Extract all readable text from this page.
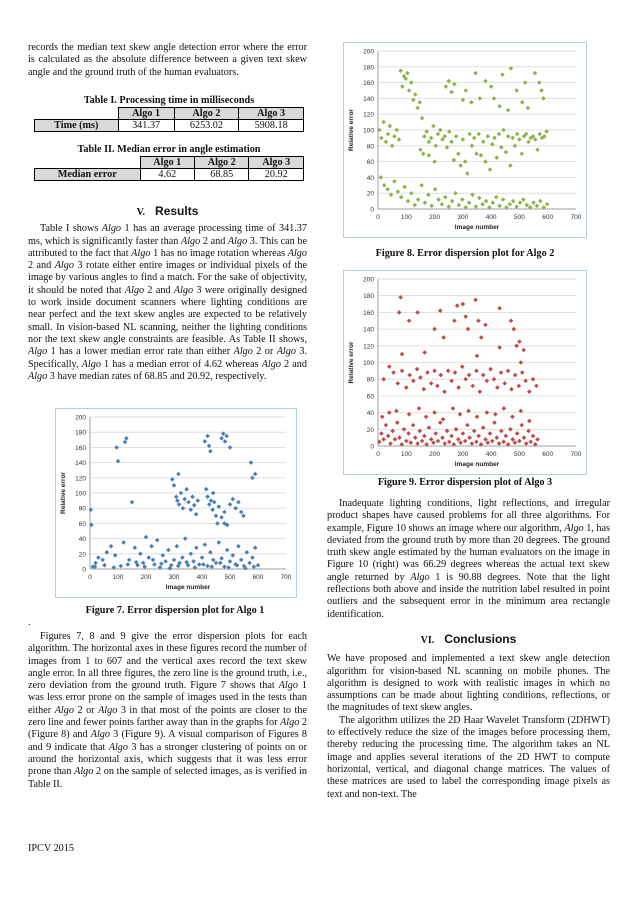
records the median text skew angle detection error where the error is calculated as the absolute difference between a given text skew angle and the ground truth of the human evaluators.

Table I. Processing time in milliseconds

	Algo 1	Algo 2	Algo 3
Time (ms)	341.37	6253.02	5908.18

Table II. Median error in angle estimation

	Algo 1	Algo 2	Algo 3
Median error	4.62	68.85	20.92
V. Results

Table I shows Algo 1 has an average processing time of 341.37 ms, which is significantly faster than Algo 2 and Algo 3. This can be attributed to the fact that Algo 1 has no image rotation whereas Algo 2 and Algo 3 rotate either entire images or individual pixels of the image by various angles to find a match. For the sake of objectivity, it should be noted that Algo 2 and Algo 3 were originally designed to work inside document scanners where lighting conditions are near perfect and the text skew angles are expected to be relatively small. In vision-based NL scanning, neither the lighting conditions nor the text skew angle constraints are feasible. As Table II shows, Algo 1 has a lower median error rate than either Algo 2 or Algo 3. Specifically, Algo 1 has a median error of 4.62 whereas Algo 2 and Algo 3 have median rates of 68.85 and 20.92, respectively.

0
20
40
60
80
100
120
140
160
180
200
0	100	200	300	400	500	600	700
Image number
Relative error
Figure 7. Error dispersion plot for Algo 1
.

Figures 7, 8 and 9 give the error dispersion plots for each algorithm. The horizontal axes in these figures record the number of images from 1 to 607 and the vertical axes record the text skew angle error. In all three figures, the zero line is the ground truth, i.e., zero deviation from the ground truth. Figure 7 shows that Algo 1 was less error prone on the sample of images used in the tests than either Algo 2 or Algo 3 in that most of the points are closer to the zero line and fewer points farther away than in the graphs for Algo 2 (Figure 8) and Algo 3 (Figure 9). A visual comparison of Figures 8 and 9 indicate that Algo 3 has a stronger clustering of points on or around the horizontal axis, which suggests that it was less error prone than Algo 2 on the sample of selected images, as is verified in Table II.

0
20
40
60
80
100
120
140
160
180
200
0	100	200	300	400	500	600	700
Image number
Relative error
Figure 8. Error dispersion plot for Algo 2
0
20
40
60
80
100
120
140
160
180
200
0	100	200	300	400	500	600	700
Image number
Relative error
Figure 9. Error dispersion plot of Algo 3

Inadequate lighting conditions, light reflections, and irregular product shapes have caused problems for all three algorithms. For example, Figure 10 shows an image where our algorithm, Algo 1, has deviated from the ground truth by more than 20 degrees. The ground truth skew angle estimated by the human evaluators on the image in Figure 10 (right) was 66.29 degrees whereas the actual text skew angle returned by Algo 1 is 90.88 degrees. Note that the light reflections both above and inside the nutrition label resulted in point outliers and the subsequent error in the minimum area rectangle identification.

VI. Conclusions

We have proposed and implemented a text skew angle detection algorithm for vision-based NL scanning on mobile phones. The algorithm is designed to work with realistic images in which no assumptions can be made about lighting conditions, reflections, or the magnitudes of text skew angles.

The algorithm utilizes the 2D Haar Wavelet Transform (2DHWT) to effectively reduce the size of the images before processing them, thereby reducing the processing time. The algorithm takes an NL image and applies several iterations of the 2D HWT to compute horizontal, vertical, and diagonal change matrices. The values of these matrices are used to label the corresponding image pixels as text and non-text. The

IPCV 2015
